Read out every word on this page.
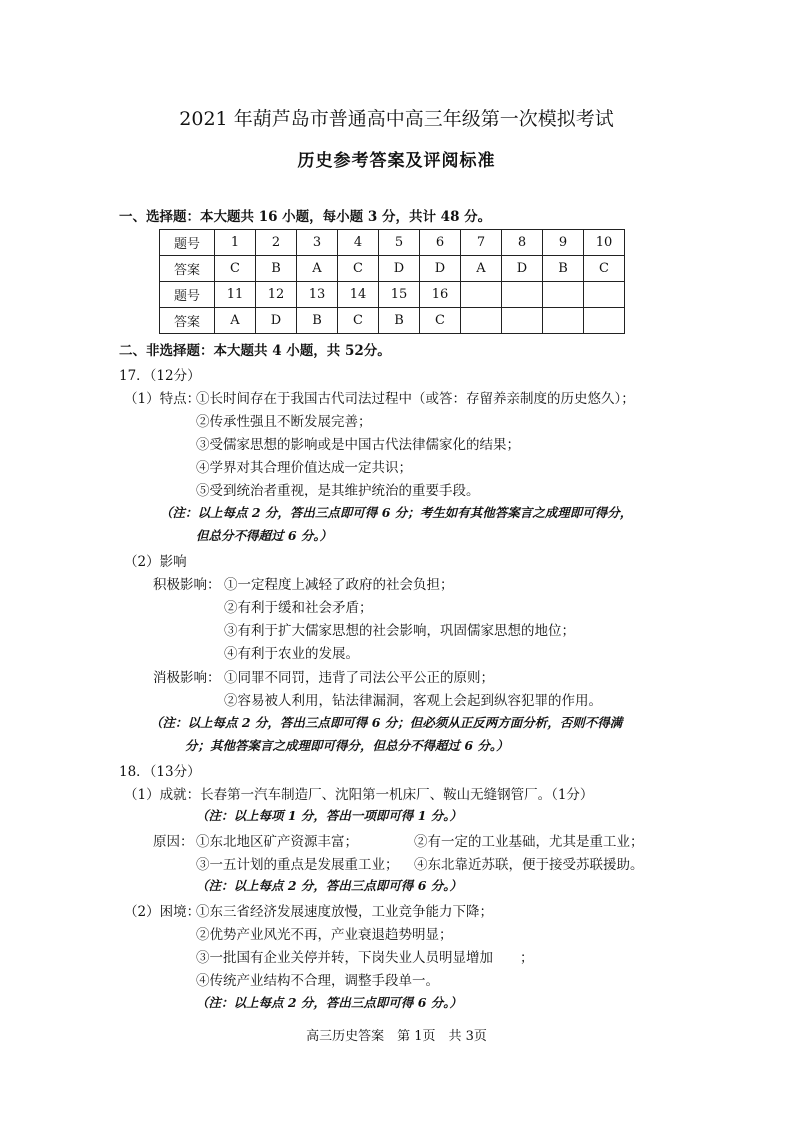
2021 年葫芦岛市普通高中高三年级第一次模拟考试
历史参考答案及评阅标准
一、选择题：本大题共 16 小题，每小题 3 分，共计 48 分。
题号	1	2	3	4	5	6	7	8	9	10
答案	C	B	A	C	D	D	A	D	B	C
题号	11	12	13	14	15	16				
答案	A	D	B	C	B	C				
二、非选择题：本大题共 4 小题，共 52分。
17．（12分）
（1）特点：
①长时间存在于我国古代司法过程中（或答：存留养亲制度的历史悠久）；
②传承性强且不断发展完善；
③受儒家思想的影响或是中国古代法律儒家化的结果；
④学界对其合理价值达成一定共识；
⑤受到统治者重视，是其维护统治的重要手段。
（注：以上每点 2 分，答出三点即可得 6 分；考生如有其他答案言之成理即可得分，
但总分不得超过 6 分。）
（2）影响
积极影响： ①一定程度上减轻了政府的社会负担；
②有利于缓和社会矛盾；
③有利于扩大儒家思想的社会影响，巩固儒家思想的地位；
④有利于农业的发展。
消极影响： ①同罪不同罚，违背了司法公平公正的原则；
②容易被人利用，钻法律漏洞，客观上会起到纵容犯罪的作用。
（注：以上每点 2 分，答出三点即可得 6 分；但必须从正反两方面分析，否则不得满
分；其他答案言之成理即可得分，但总分不得超过 6 分。）
18．（13分）
（1）成就：长春第一汽车制造厂、沈阳第一机床厂、鞍山无缝钢管厂。（1分）
（注：以上每项 1 分，答出一项即可得 1 分。）
原因： ①东北地区矿产资源丰富；	②有一定的工业基础，尤其是重工业；
③一五计划的重点是发展重工业； ④东北靠近苏联，便于接受苏联援助。
（注：以上每点 2 分，答出三点即可得 6 分。）
（2）困境：
①东三省经济发展速度放慢，工业竞争能力下降；
②优势产业风光不再，产业衰退趋势明显；
③一批国有企业关停并转，下岗失业人员明显增加　　；
④传统产业结构不合理，调整手段单一。
（注：以上每点 2 分，答出三点即可得 6 分。）
高三历史答案　第 1页　共 3页
